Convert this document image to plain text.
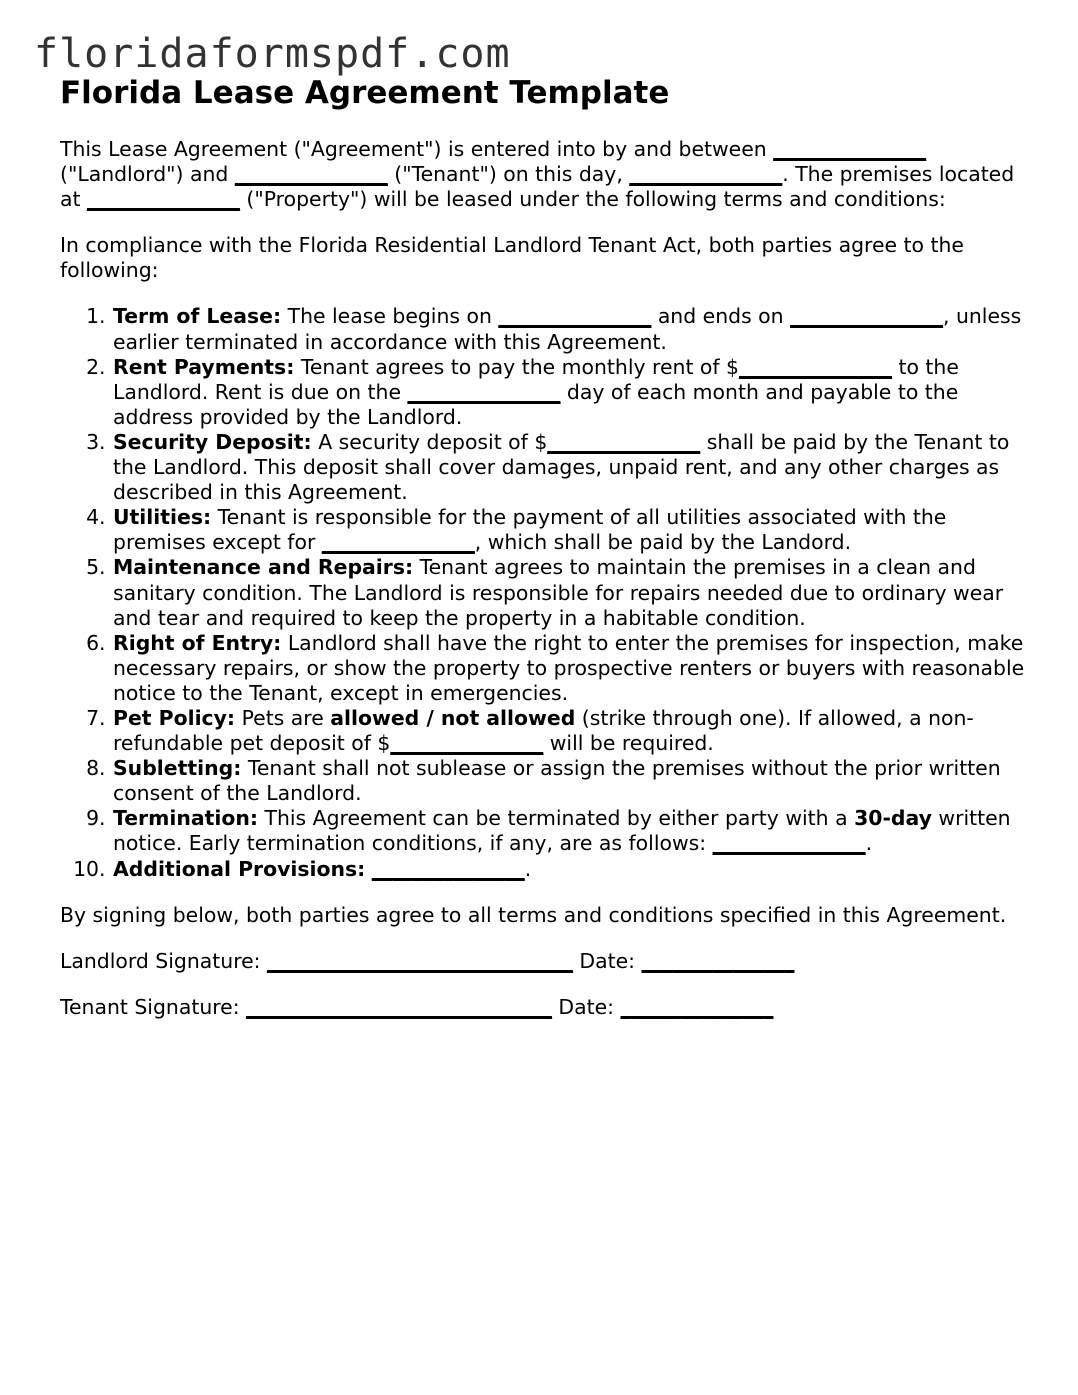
floridaformspdf.com
Florida Lease Agreement Template

This Lease Agreement ("Agreement") is entered into by and between _______________ ("Landlord") and _______________ ("Tenant") on this day, _______________. The premises located at _______________ ("Property") will be leased under the following terms and conditions:

In compliance with the Florida Residential Landlord Tenant Act, both parties agree to the following:

1. Term of Lease: The lease begins on _______________ and ends on _______________, unless earlier terminated in accordance with this Agreement.
2. Rent Payments: Tenant agrees to pay the monthly rent of $_______________ to the Landlord. Rent is due on the _______________ day of each month and payable to the address provided by the Landlord.
3. Security Deposit: A security deposit of $_______________ shall be paid by the Tenant to the Landlord. This deposit shall cover damages, unpaid rent, and any other charges as described in this Agreement.
4. Utilities: Tenant is responsible for the payment of all utilities associated with the premises except for _______________, which shall be paid by the Landord.
5. Maintenance and Repairs: Tenant agrees to maintain the premises in a clean and sanitary condition. The Landlord is responsible for repairs needed due to ordinary wear and tear and required to keep the property in a habitable condition.
6. Right of Entry: Landlord shall have the right to enter the premises for inspection, make necessary repairs, or show the property to prospective renters or buyers with reasonable notice to the Tenant, except in emergencies.
7. Pet Policy: Pets are allowed / not allowed (strike through one). If allowed, a non-refundable pet deposit of $_______________ will be required.
8. Subletting: Tenant shall not sublease or assign the premises without the prior written consent of the Landlord.
9. Termination: This Agreement can be terminated by either party with a 30-day written notice. Early termination conditions, if any, are as follows: _______________.
10. Additional Provisions: _______________.

By signing below, both parties agree to all terms and conditions specified in this Agreement.

Landlord Signature: ______________________________ Date: _______________
Tenant Signature: ______________________________ Date: _______________
